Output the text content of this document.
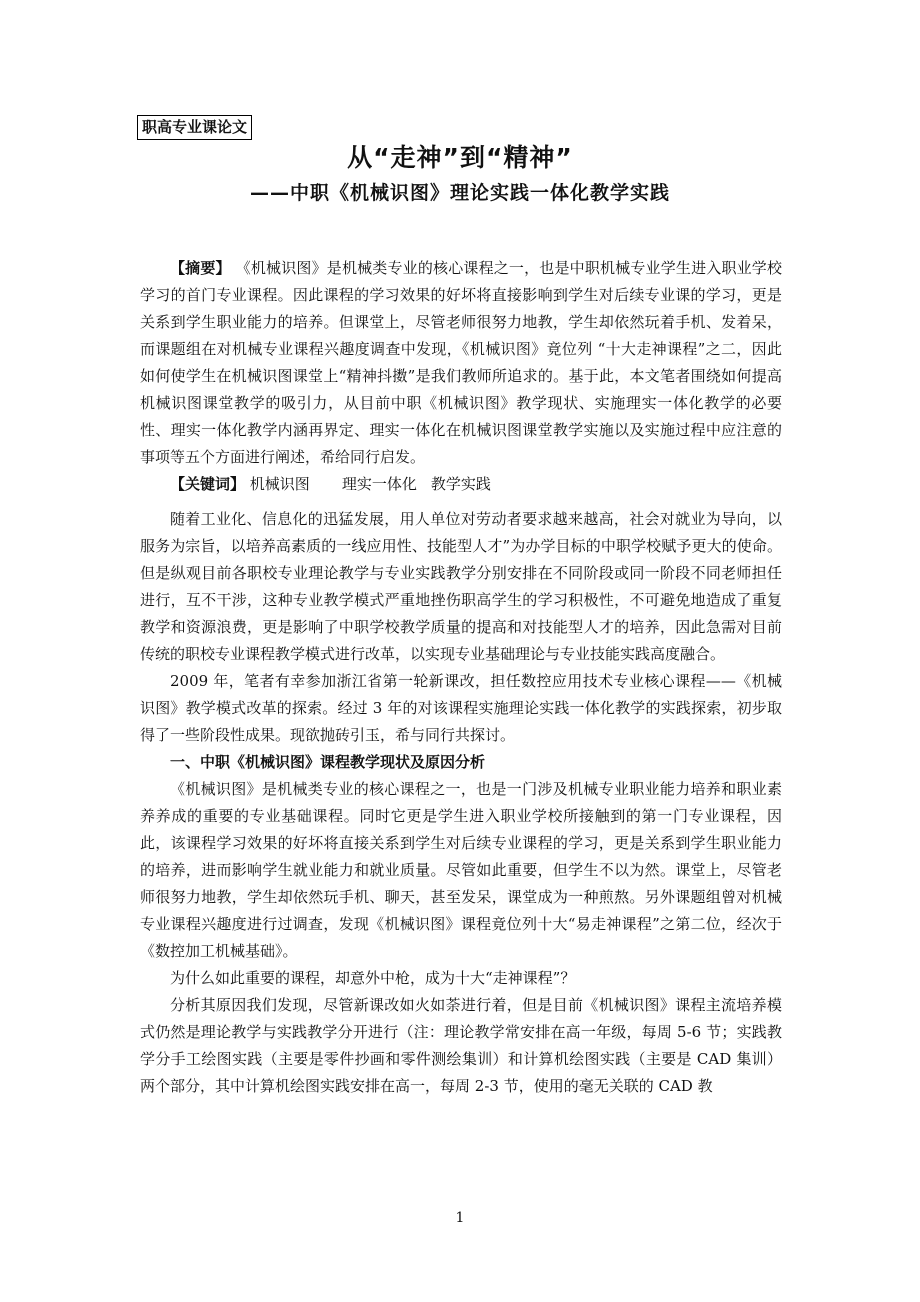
职高专业课论文
从“走神”到“精神”
——中职《机械识图》理论实践一体化教学实践

【摘要】 《机械识图》是机械类专业的核心课程之一，也是中职机械专业学生进入职业学校学习的首门专业课程。因此课程的学习效果的好坏将直接影响到学生对后续专业课的学习，更是关系到学生职业能力的培养。但课堂上，尽管老师很努力地教，学生却依然玩着手机、发着呆，而课题组在对机械专业课程兴趣度调查中发现，《机械识图》竟位列 “十大走神课程”之二，因此如何使学生在机械识图课堂上“精神抖擞”是我们教师所追求的。基于此，本文笔者围绕如何提高机械识图课堂教学的吸引力，从目前中职《机械识图》教学现状、实施理实一体化教学的必要性、理实一体化教学内涵再界定、理实一体化在机械识图课堂教学实施以及实施过程中应注意的事项等五个方面进行阐述，希给同行启发。

【关键词】 机械识图 理实一体化 教学实践

随着工业化、信息化的迅猛发展，用人单位对劳动者要求越来越高，社会对就业为导向，以服务为宗旨，以培养高素质的一线应用性、技能型人才”为办学目标的中职学校赋予更大的使命。但是纵观目前各职校专业理论教学与专业实践教学分别安排在不同阶段或同一阶段不同老师担任进行，互不干涉，这种专业教学模式严重地挫伤职高学生的学习积极性，不可避免地造成了重复教学和资源浪费，更是影响了中职学校教学质量的提高和对技能型人才的培养，因此急需对目前传统的职校专业课程教学模式进行改革，以实现专业基础理论与专业技能实践高度融合。

2009 年，笔者有幸参加浙江省第一轮新课改，担任数控应用技术专业核心课程——《机械识图》教学模式改革的探索。经过 3 年的对该课程实施理论实践一体化教学的实践探索，初步取得了一些阶段性成果。现欲抛砖引玉，希与同行共探讨。

一、中职《机械识图》课程教学现状及原因分析

《机械识图》是机械类专业的核心课程之一，也是一门涉及机械专业职业能力培养和职业素养养成的重要的专业基础课程。同时它更是学生进入职业学校所接触到的第一门专业课程，因此，该课程学习效果的好坏将直接关系到学生对后续专业课程的学习，更是关系到学生职业能力的培养，进而影响学生就业能力和就业质量。尽管如此重要，但学生不以为然。课堂上，尽管老师很努力地教，学生却依然玩手机、聊天，甚至发呆，课堂成为一种煎熬。另外课题组曾对机械专业课程兴趣度进行过调查，发现《机械识图》课程竟位列十大“易走神课程”之第二位，经次于《数控加工机械基础》。

为什么如此重要的课程，却意外中枪，成为十大“走神课程”？

分析其原因我们发现，尽管新课改如火如荼进行着，但是目前《机械识图》课程主流培养模式仍然是理论教学与实践教学分开进行（注：理论教学常安排在高一年级，每周 5-6 节；实践教学分手工绘图实践（主要是零件抄画和零件测绘集训）和计算机绘图实践（主要是 CAD 集训）两个部分，其中计算机绘图实践安排在高一，每周 2-3 节，使用的毫无关联的 CAD 教

1
